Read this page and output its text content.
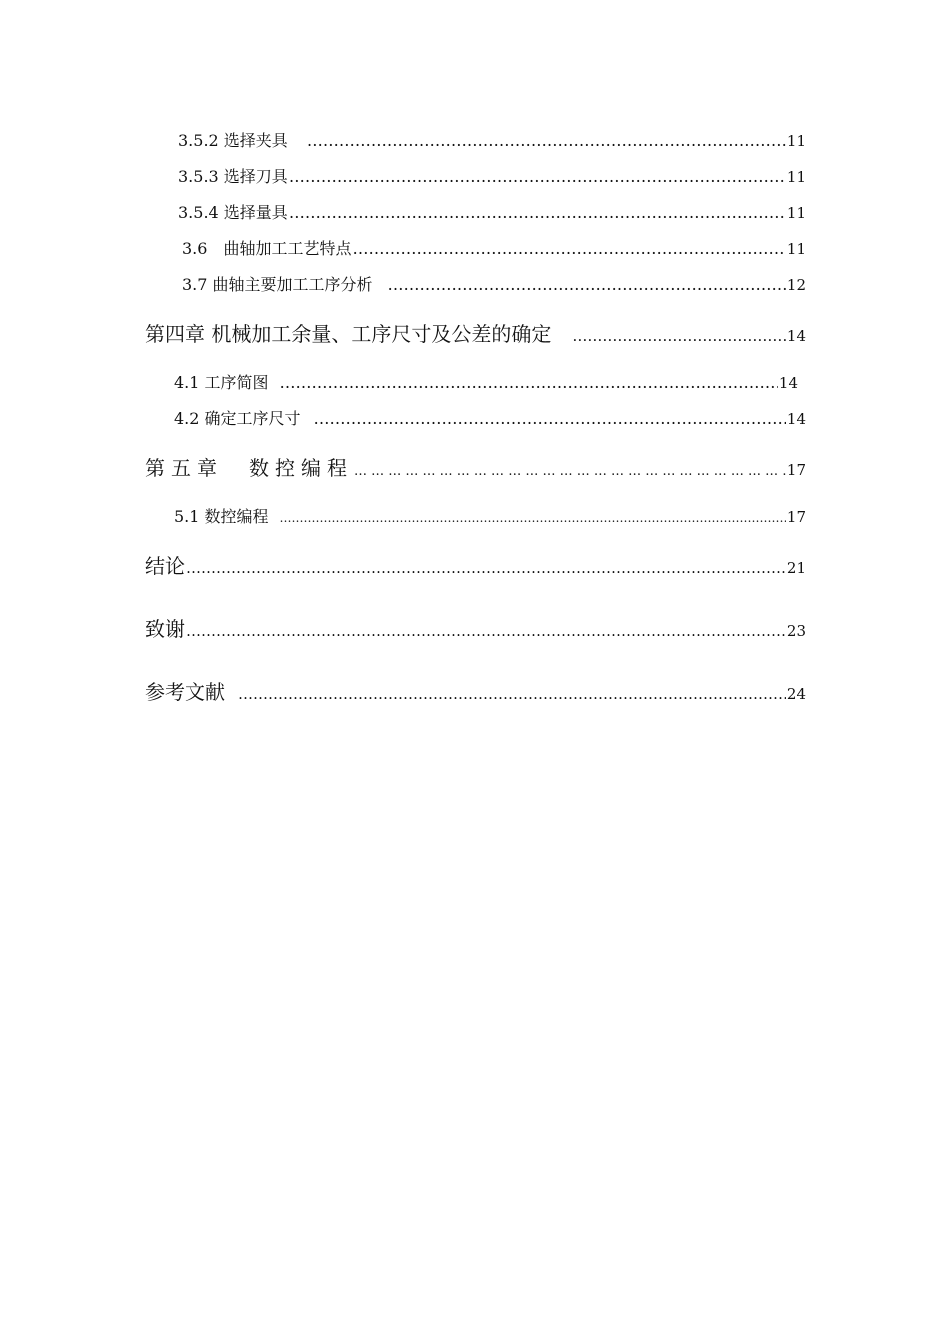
3.5.2 选择夹具 ………………………………………………………………………………………………………………………………………………………………………………………………………………………………………………	11
3.5.3 选择刀具 ………………………………………………………………………………………………………………………………………………………………………………………………………………………………………………	11
3.5.4 选择量具 ………………………………………………………………………………………………………………………………………………………………………………………………………………………………………………	11
3.6　曲轴加工工艺特点 ………………………………………………………………………………………………………………………………………………………………………………………………………………………………………………	11
3.7 曲轴主要加工工序分析 ………………………………………………………………………………………………………………………………………………………………………………………………………………………………………………	12
第四章 机械加工余量、工序尺寸及公差的确定 ………………………………………………………………………………………………………………………………………………………………………………………………………………………………………………	14
4.1 工序简图 ………………………………………………………………………………………………………………………………………………………………………………………………………………………………………………	14
4.2 确定工序尺寸 ………………………………………………………………………………………………………………………………………………………………………………………………………………………………………………	14
第五章　数控编程 … … … … … … … … … … … … … … … … … … … … … … … … … … … … … … … … … … … … … … … … … … … … … … …	17
5.1 数控编程 ………………………………………………………………………………………………………………………………………………………………………………………………………………………………………………	17
结论 ………………………………………………………………………………………………………………………………………………………………………………………………………………………………………………	21
致谢 ………………………………………………………………………………………………………………………………………………………………………………………………………………………………………………	23
参考文献 ………………………………………………………………………………………………………………………………………………………………………………………………………………………………………………	24
